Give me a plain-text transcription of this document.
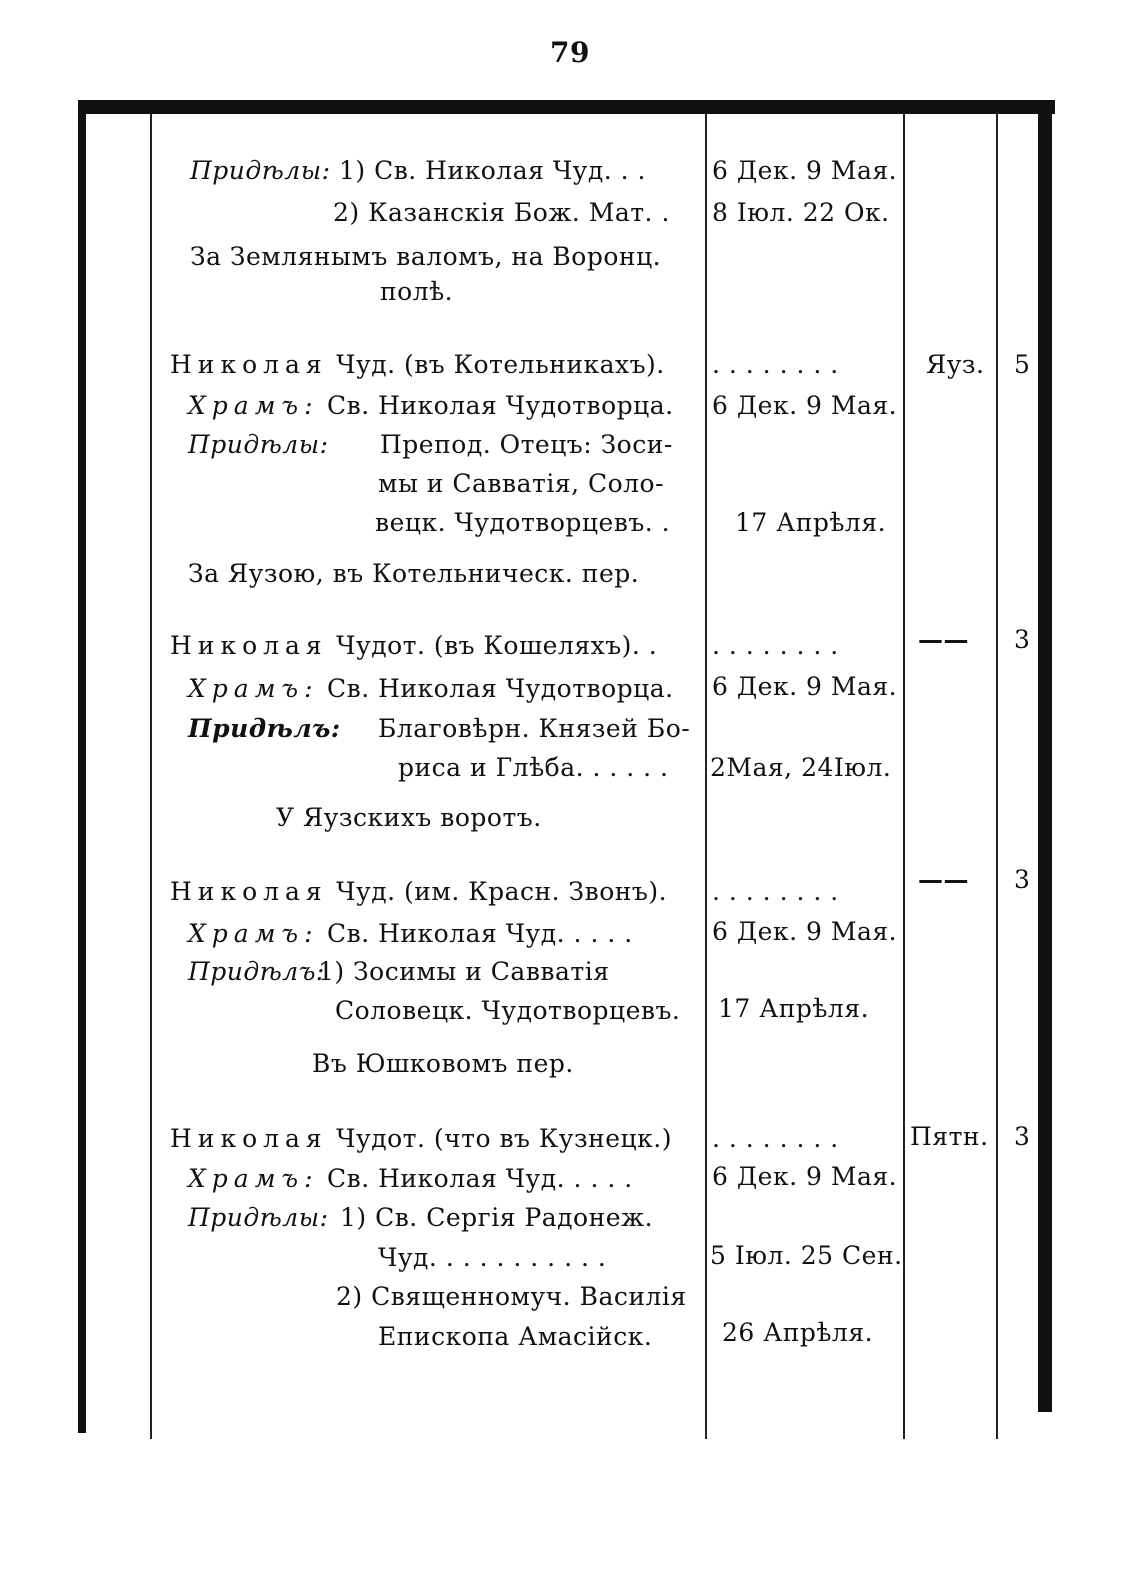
79
Придѣлы: 1) Св. Николая Чуд. . .	6 Дек. 9 Мая.
2) Казанскія Бож. Мат. . 8 Іюл. 22 Ок.
За Землянымъ валомъ, на Воронц.
полѣ.
Николая Чуд. (въ Котельникахъ). . . . . . . . .	Яуз. 5
Храмъ: Св. Николая Чудотворца. 6 Дек. 9 Мая.
Придѣлы: Препод. Отецъ: Зоси-
мы и Савватія, Соло-
вецк. Чудотворцевъ. .	17 Апрѣля.
За Яузою, въ Котельническ. пер.
Николая Чудот. (въ Кошеляхъ). . . . . . . . . .	—— 3
Храмъ: Св. Николая Чудотворца. 6 Дек. 9 Мая.
Придѣлъ: Благовѣрн. Князей Бо-
риса и Глѣба. . . . . . 2Мая, 24Іюл.
У Яузскихъ воротъ.
Николая Чуд. (им. Красн. Звонъ). . . . . . . . .	—— 3
Храмъ: Св. Николая Чуд. . . . .	6 Дек. 9 Мая.
Придѣлъ:
1) Зосимы и Савватія
Соловецк. Чудотворцевъ. 17 Апрѣля.
Въ Юшковомъ пер.
Николая Чудот. (что въ Кузнецк.) . . . . . . . .	Пятн. 3
Храмъ: Св. Николая Чуд. . . . .	6 Дек. 9 Мая.
Придѣлы: 1) Св. Сергія Радонеж.
Чуд. . . . . . . . . . .	5 Іюл. 25 Сен.
2) Священномуч. Василія
Епископа Амасійск.	26 Апрѣля.
